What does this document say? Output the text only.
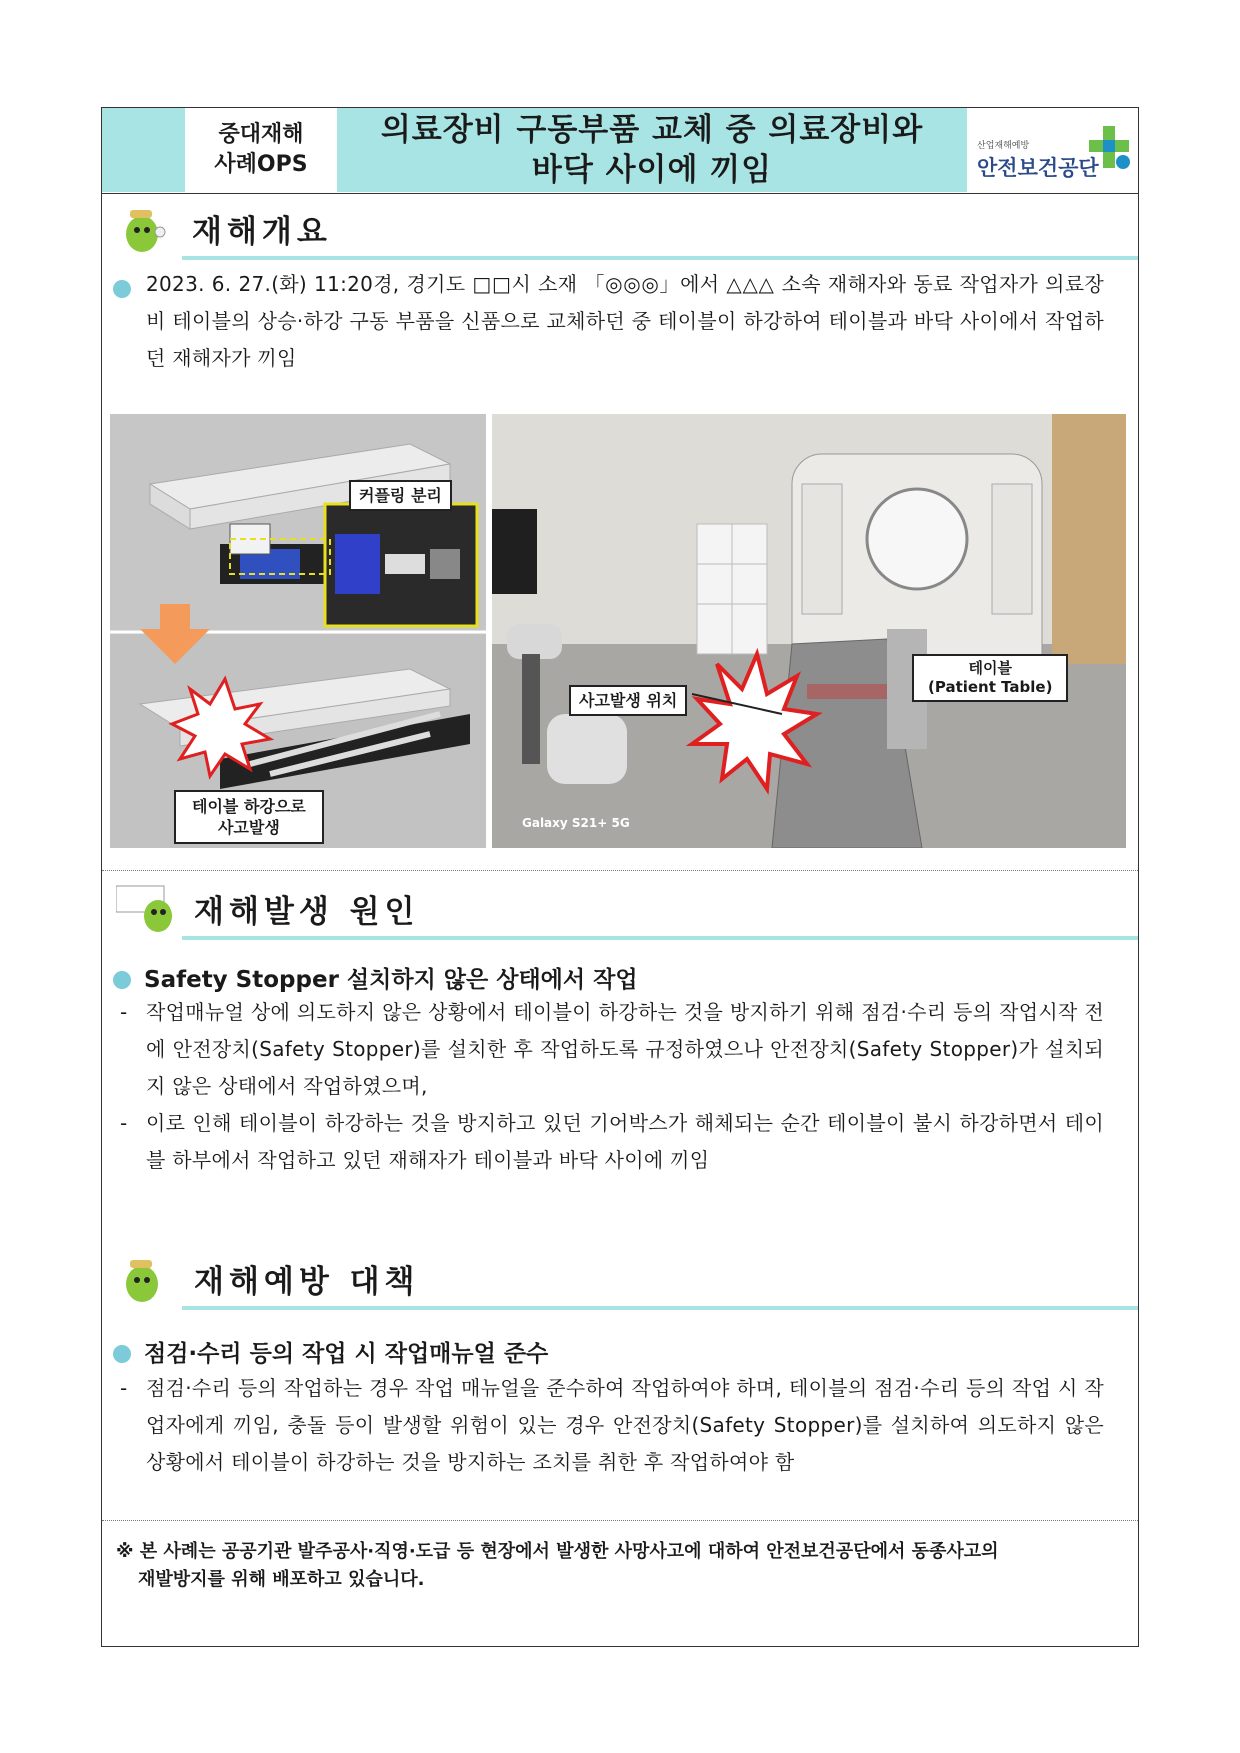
중대재해
사례OPS
의료장비 구동부품 교체 중 의료장비와
바닥 사이에 끼임
산업재해예방
안전보건공단
재해개요
2023. 6. 27.(화) 11:20경, 경기도 □□시 소재 「◎◎◎」에서 △△△ 소속 재해자와 동료 작업자가 의료장비 테이블의 상승·하강 구동 부품을 신품으로 교체하던 중 테이블이 하강하여 테이블과 바닥 사이에서 작업하던 재해자가 끼임
커플링 분리
테이블 하강으로
사고발생
사고발생 위치
테이블
(Patient Table)
Galaxy S21+ 5G
재해발생 원인
Safety Stopper 설치하지 않은 상태에서 작업
- 작업매뉴얼 상에 의도하지 않은 상황에서 테이블이 하강하는 것을 방지하기 위해 점검·수리 등의 작업시작 전에 안전장치(Safety Stopper)를 설치한 후 작업하도록 규정하였으나 안전장치(Safety Stopper)가 설치되지 않은 상태에서 작업하였으며,
- 이로 인해 테이블이 하강하는 것을 방지하고 있던 기어박스가 해체되는 순간 테이블이 불시 하강하면서 테이블 하부에서 작업하고 있던 재해자가 테이블과 바닥 사이에 끼임
재해예방 대책
점검·수리 등의 작업 시 작업매뉴얼 준수
- 점검·수리 등의 작업하는 경우 작업 매뉴얼을 준수하여 작업하여야 하며, 테이블의 점검·수리 등의 작업 시 작업자에게 끼임, 충돌 등이 발생할 위험이 있는 경우 안전장치(Safety Stopper)를 설치하여 의도하지 않은 상황에서 테이블이 하강하는 것을 방지하는 조치를 취한 후 작업하여야 함
※ 본 사례는 공공기관 발주공사·직영·도급 등 현장에서 발생한 사망사고에 대하여 안전보건공단에서 동종사고의
재발방지를 위해 배포하고 있습니다.
